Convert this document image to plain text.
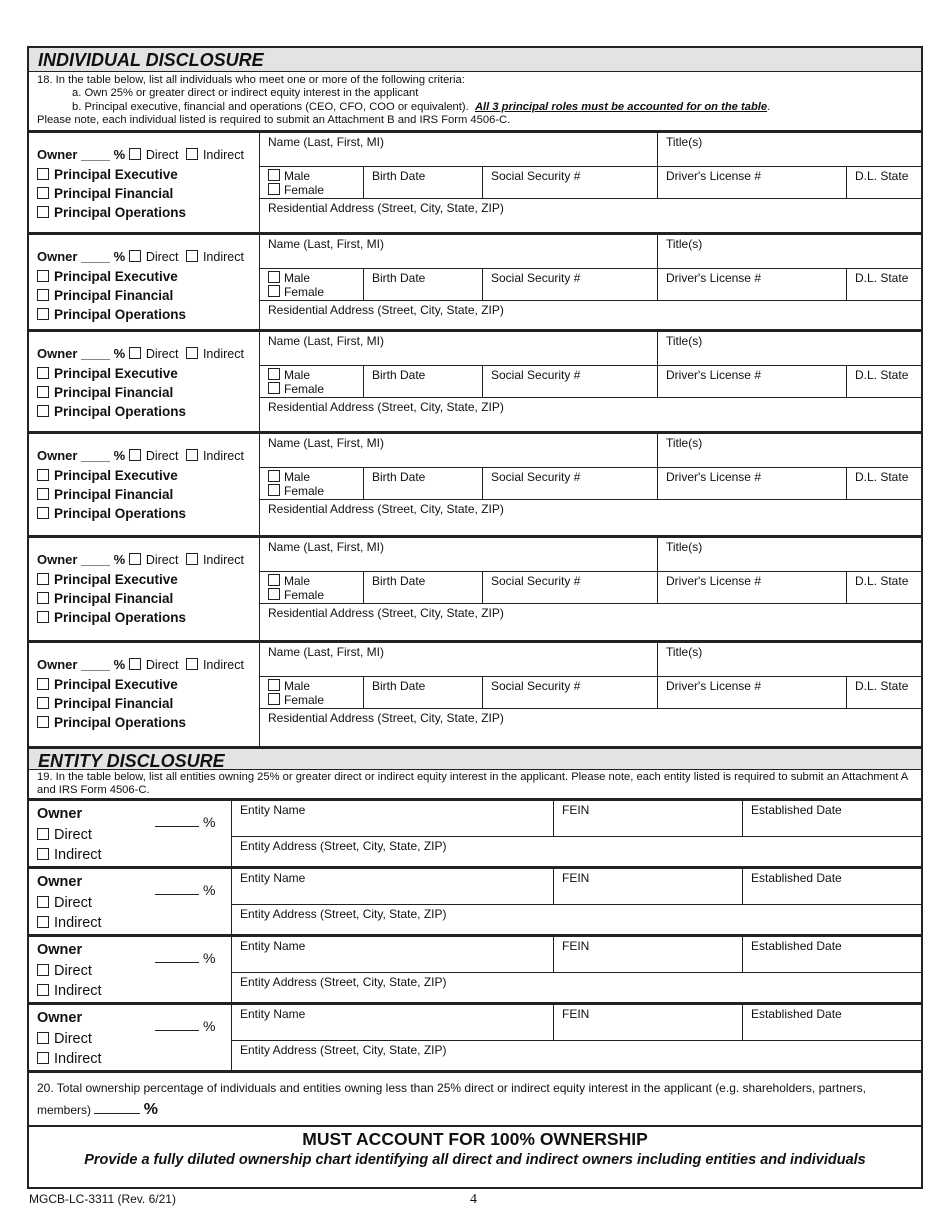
INDIVIDUAL DISCLOSURE
18. In the table below, list all individuals who meet one or more of the following criteria:
a. Own 25% or greater direct or indirect equity interest in the applicant
b. Principal executive, financial and operations (CEO, CFO, COO or equivalent). All 3 principal roles must be accounted for on the table.
Please note, each individual listed is required to submit an Attachment B and IRS Form 4506-C.
Owner ____ % Direct Indirect
Principal Executive
Principal Financial
Principal Operations
Name (Last, First, MI)	Title(s)
Male
Female
Birth Date	Social Security #	Driver's License #	D.L. State
Residential Address (Street, City, State, ZIP)
Owner ____ % Direct Indirect
Principal Executive
Principal Financial
Principal Operations
Name (Last, First, MI)	Title(s)
Male
Female
Birth Date	Social Security #	Driver's License #	D.L. State
Residential Address (Street, City, State, ZIP)
Owner ____ % Direct Indirect
Principal Executive
Principal Financial
Principal Operations
Name (Last, First, MI)	Title(s)
Male
Female
Birth Date	Social Security #	Driver's License #	D.L. State
Residential Address (Street, City, State, ZIP)
Owner ____ % Direct Indirect
Principal Executive
Principal Financial
Principal Operations
Name (Last, First, MI)	Title(s)
Male
Female
Birth Date	Social Security #	Driver's License #	D.L. State
Residential Address (Street, City, State, ZIP)
Owner ____ % Direct Indirect
Principal Executive
Principal Financial
Principal Operations
Name (Last, First, MI)	Title(s)
Male
Female
Birth Date	Social Security #	Driver's License #	D.L. State
Residential Address (Street, City, State, ZIP)
Owner ____ % Direct Indirect
Principal Executive
Principal Financial
Principal Operations
Name (Last, First, MI)	Title(s)
Male
Female
Birth Date	Social Security #	Driver's License #	D.L. State
Residential Address (Street, City, State, ZIP)
ENTITY DISCLOSURE
19. In the table below, list all entities owning 25% or greater direct or indirect equity interest in the applicant. Please note, each entity listed is required to submit an Attachment A and IRS Form 4506-C.
Owner
Direct
Indirect
%
Entity Name	FEIN	Established Date
Entity Address (Street, City, State, ZIP)
Owner
Direct
Indirect
%
Entity Name	FEIN	Established Date
Entity Address (Street, City, State, ZIP)
Owner
Direct
Indirect
%
Entity Name	FEIN	Established Date
Entity Address (Street, City, State, ZIP)
Owner
Direct
Indirect
%
Entity Name	FEIN	Established Date
Entity Address (Street, City, State, ZIP)
20. Total ownership percentage of individuals and entities owning less than 25% direct or indirect equity interest in the applicant (e.g. shareholders, partners, members)	%
MUST ACCOUNT FOR 100% OWNERSHIP
Provide a fully diluted ownership chart identifying all direct and indirect owners including entities and individuals
MGCB-LC-3311 (Rev. 6/21)	4
